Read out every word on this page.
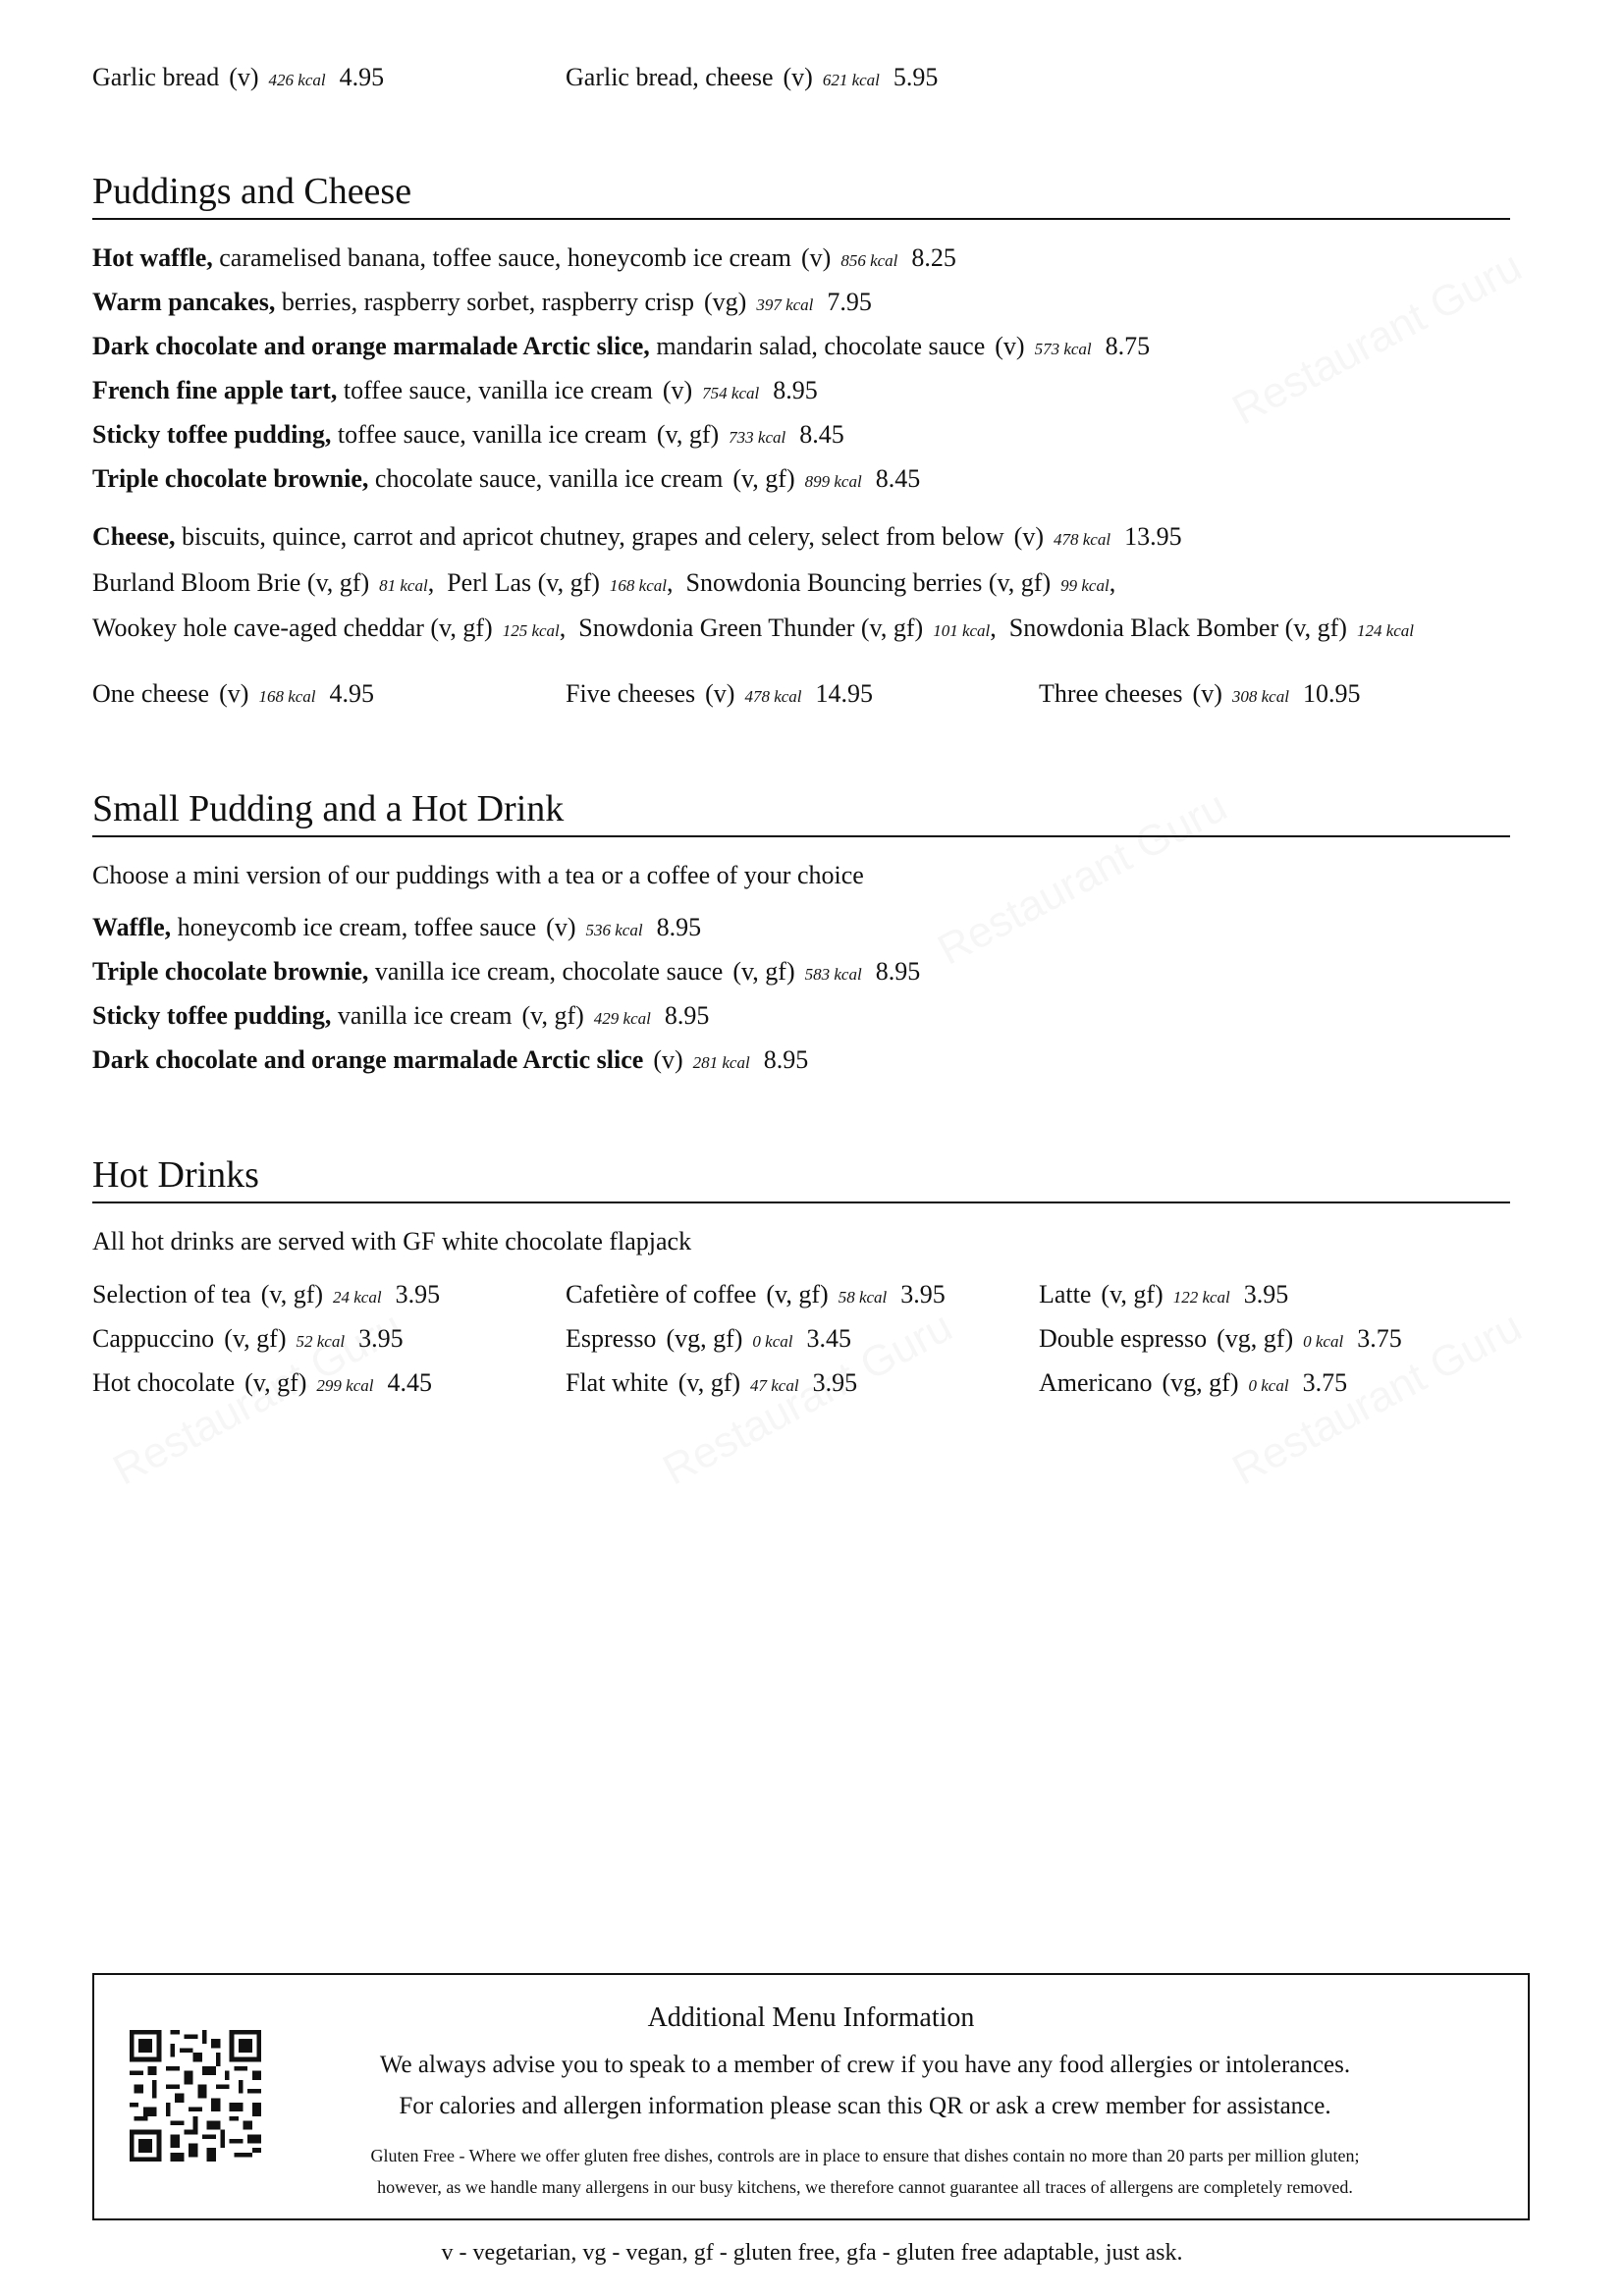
Garlic bread (v) 426 kcal 4.95	Garlic bread, cheese (v) 621 kcal 5.95
Puddings and Cheese
Hot waffle, caramelised banana, toffee sauce, honeycomb ice cream (v) 856 kcal 8.25
Warm pancakes, berries, raspberry sorbet, raspberry crisp (vg) 397 kcal 7.95
Dark chocolate and orange marmalade Arctic slice, mandarin salad, chocolate sauce (v) 573 kcal 8.75
French fine apple tart, toffee sauce, vanilla ice cream (v) 754 kcal 8.95
Sticky toffee pudding, toffee sauce, vanilla ice cream (v, gf) 733 kcal 8.45
Triple chocolate brownie, chocolate sauce, vanilla ice cream (v, gf) 899 kcal 8.45
Cheese, biscuits, quince, carrot and apricot chutney, grapes and celery, select from below (v) 478 kcal 13.95
Burland Bloom Brie (v, gf) 81 kcal, Perl Las (v, gf) 168 kcal, Snowdonia Bouncing berries (v, gf) 99 kcal,
Wookey hole cave-aged cheddar (v, gf) 125 kcal, Snowdonia Green Thunder (v, gf) 101 kcal, Snowdonia Black Bomber (v, gf) 124 kcal
One cheese (v) 168 kcal 4.95	Five cheeses (v) 478 kcal 14.95	Three cheeses (v) 308 kcal 10.95
Small Pudding and a Hot Drink
Choose a mini version of our puddings with a tea or a coffee of your choice
Waffle, honeycomb ice cream, toffee sauce (v) 536 kcal 8.95
Triple chocolate brownie, vanilla ice cream, chocolate sauce (v, gf) 583 kcal 8.95
Sticky toffee pudding, vanilla ice cream (v, gf) 429 kcal 8.95
Dark chocolate and orange marmalade Arctic slice (v) 281 kcal 8.95
Hot Drinks
All hot drinks are served with GF white chocolate flapjack
Selection of tea (v, gf) 24 kcal 3.95	Cafetière of coffee (v, gf) 58 kcal 3.95	Latte (v, gf) 122 kcal 3.95
Cappuccino (v, gf) 52 kcal 3.95	Espresso (vg, gf) 0 kcal 3.45	Double espresso (vg, gf) 0 kcal 3.75
Hot chocolate (v, gf) 299 kcal 4.45	Flat white (v, gf) 47 kcal 3.95	Americano (vg, gf) 0 kcal 3.75
Additional Menu Information
We always advise you to speak to a member of crew if you have any food allergies or intolerances.
For calories and allergen information please scan this QR or ask a crew member for assistance.
Gluten Free - Where we offer gluten free dishes, controls are in place to ensure that dishes contain no more than 20 parts per million gluten;
however, as we handle many allergens in our busy kitchens, we therefore cannot guarantee all traces of allergens are completely removed.
v - vegetarian, vg - vegan, gf - gluten free, gfa - gluten free adaptable, just ask.
